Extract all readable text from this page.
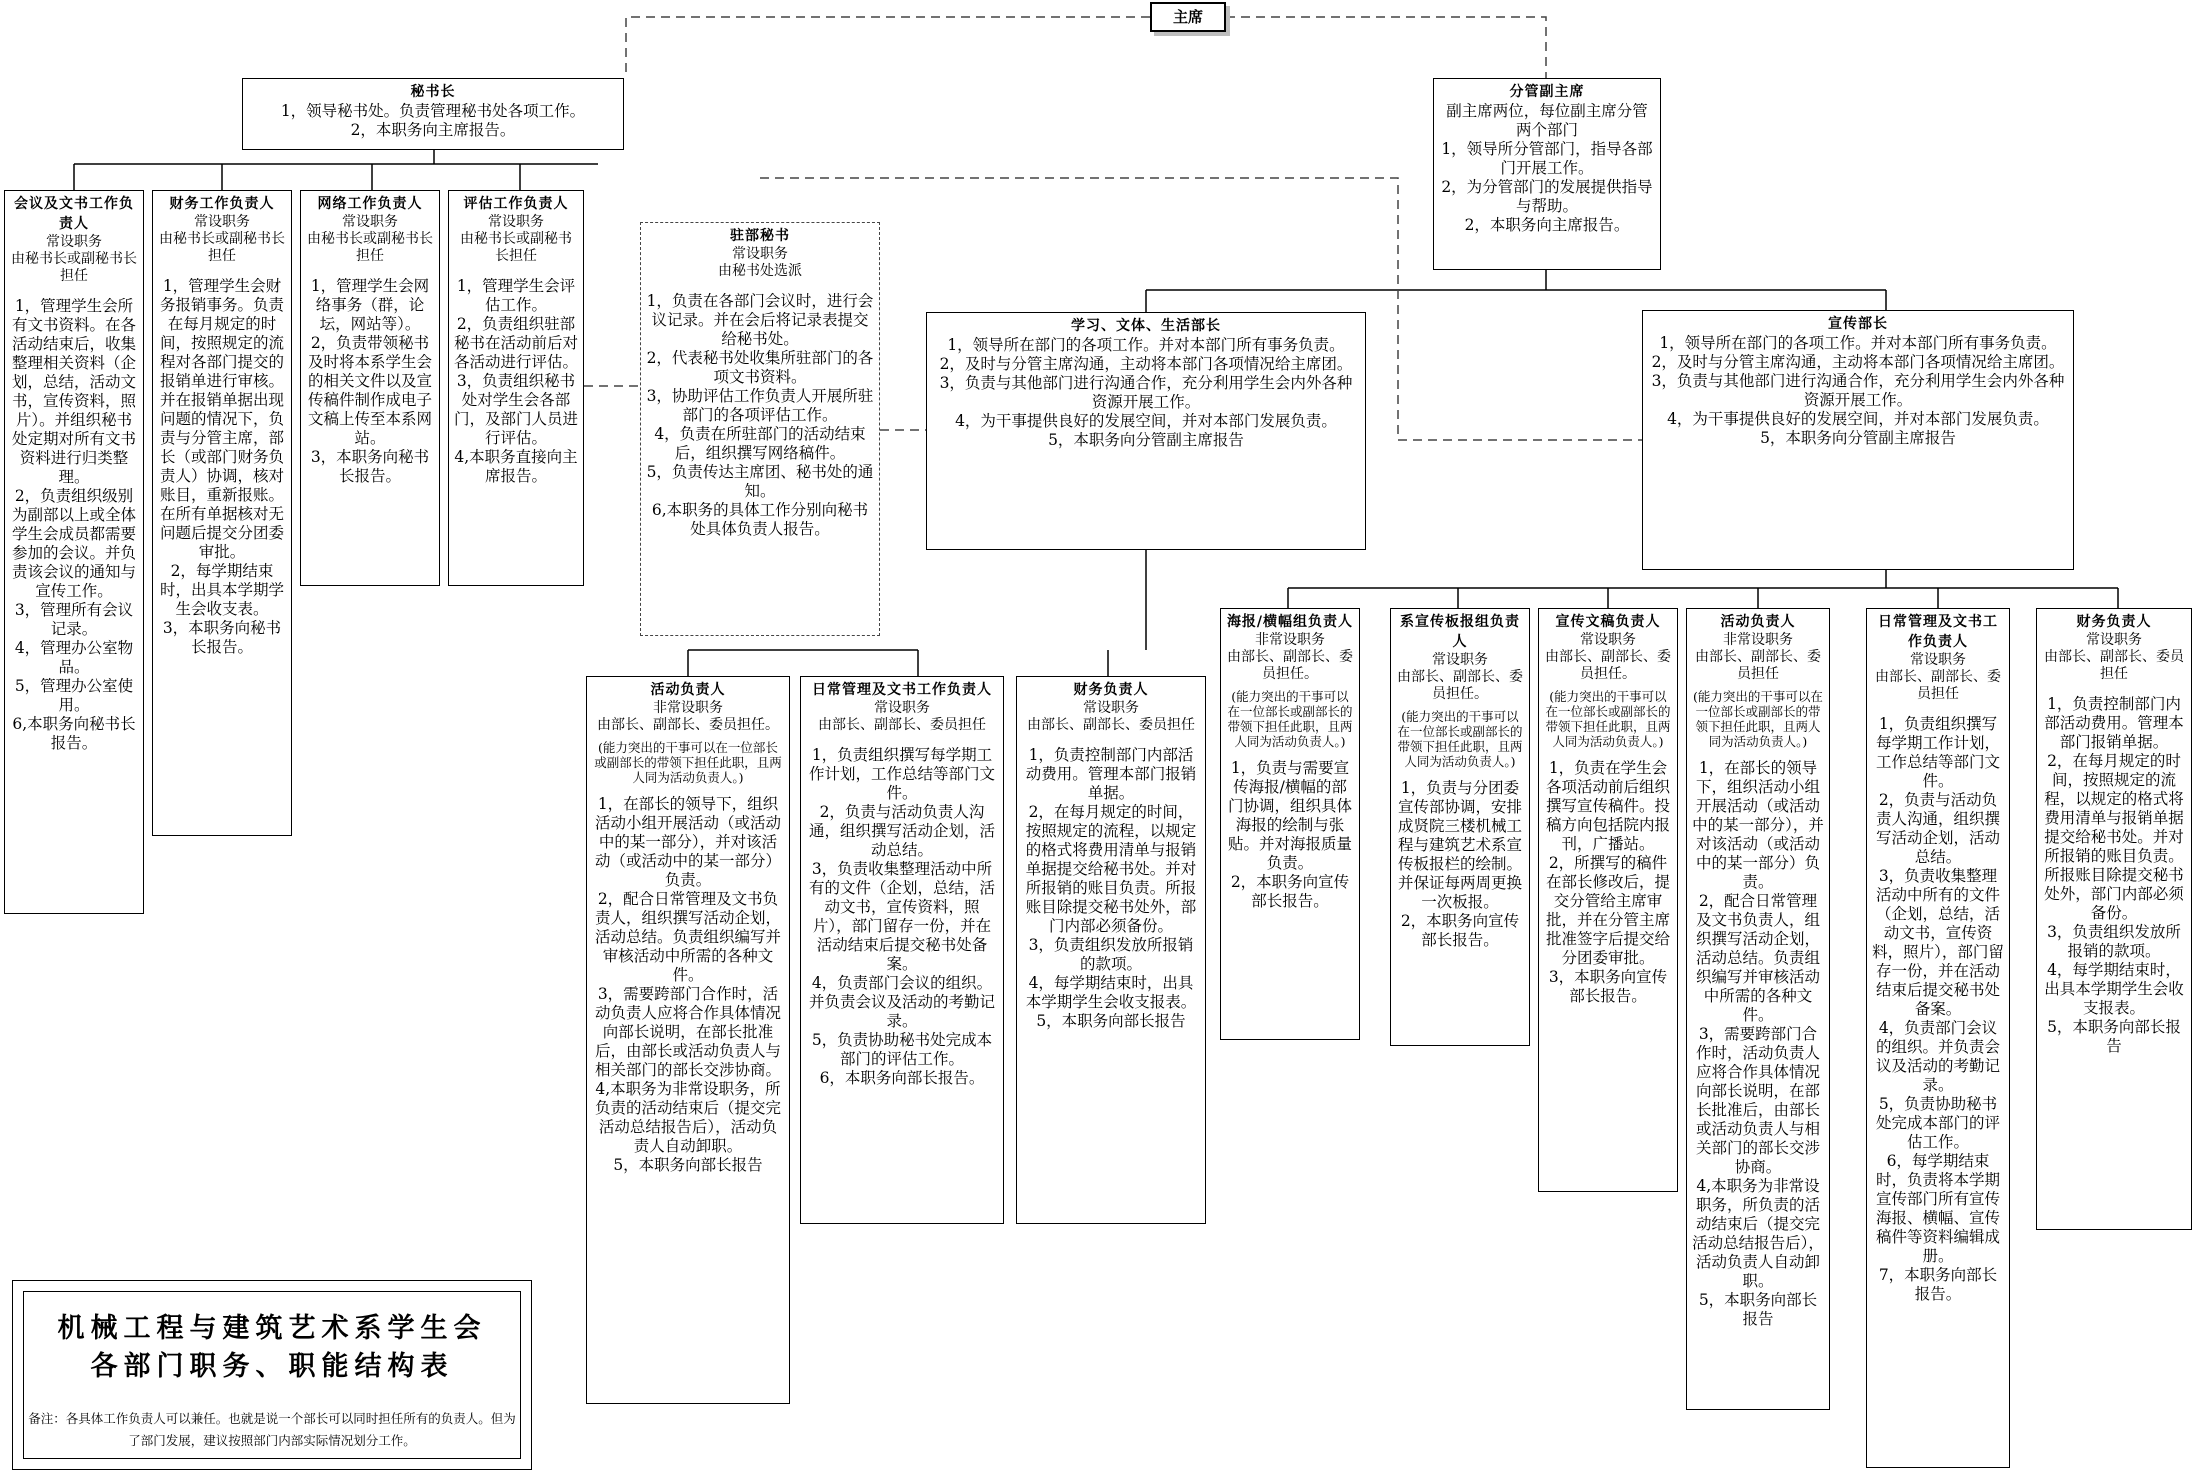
主席
秘书长
1，领导秘书处。负责管理秘书处各项工作。
2，本职务向主席报告。
分管副主席
副主席两位，每位副主席分管两个部门
1，领导所分管部门，指导各部门开展工作。
2，为分管部门的发展提供指导与帮助。
2，本职务向主席报告。
会议及文书工作负责人
常设职务
由秘书长或副秘书长担任
1，管理学生会所有文书资料。在各活动结束后，收集整理相关资料（企划，总结，活动文书，宣传资料，照片）。并组织秘书处定期对所有文书资料进行归类整理。
2，负责组织级别为副部以上或全体学生会成员都需要参加的会议。并负责该会议的通知与宣传工作。
3，管理所有会议记录。
4，管理办公室物品。
5，管理办公室使用。
6,本职务向秘书长报告。
财务工作负责人
常设职务
由秘书长或副秘书长担任
1，管理学生会财务报销事务。负责在每月规定的时间，按照规定的流程对各部门提交的报销单进行审核。并在报销单据出现问题的情况下，负责与分管主席，部长（或部门财务负责人）协调，核对账目，重新报账。在所有单据核对无问题后提交分团委审批。
2，每学期结束时，出具本学期学生会收支表。
3，本职务向秘书长报告。
网络工作负责人
常设职务
由秘书长或副秘书长担任
1，管理学生会网络事务（群，论坛，网站等）。
2，负责带领秘书及时将本系学生会的相关文件以及宣传稿件制作成电子文稿上传至本系网站。
3，本职务向秘书长报告。
评估工作负责人
常设职务
由秘书长或副秘书长担任
1，管理学生会评估工作。
2，负责组织驻部秘书在活动前后对各活动进行评估。
3，负责组织秘书处对学生会各部门，及部门人员进行评估。
4,本职务直接向主席报告。
驻部秘书
常设职务
由秘书处选派
1，负责在各部门会议时，进行会议记录。并在会后将记录表提交给秘书处。
2，代表秘书处收集所驻部门的各项文书资料。
3，协助评估工作负责人开展所驻部门的各项评估工作。
4，负责在所驻部门的活动结束后，组织撰写网络稿件。
5，负责传达主席团、秘书处的通知。
6,本职务的具体工作分别向秘书处具体负责人报告。
学习、文体、生活部长
1，领导所在部门的各项工作。并对本部门所有事务负责。
2，及时与分管主席沟通，主动将本部门各项情况给主席团。
3，负责与其他部门进行沟通合作，充分利用学生会内外各种资源开展工作。
4，为干事提供良好的发展空间，并对本部门发展负责。
5，本职务向分管副主席报告
宣传部长
1，领导所在部门的各项工作。并对本部门所有事务负责。
2，及时与分管主席沟通，主动将本部门各项情况给主席团。
3，负责与其他部门进行沟通合作，充分利用学生会内外各种资源开展工作。
4，为干事提供良好的发展空间，并对本部门发展负责。
5，本职务向分管副主席报告
活动负责人
非常设职务
由部长、副部长、委员担任。
(能力突出的干事可以在一位部长或副部长的带领下担任此职，且两人同为活动负责人。)
1，在部长的领导下，组织活动小组开展活动（或活动中的某一部分），并对该活动（或活动中的某一部分）负责。
2，配合日常管理及文书负责人，组织撰写活动企划，活动总结。负责组织编写并审核活动中所需的各种文件。
3，需要跨部门合作时，活动负责人应将合作具体情况向部长说明，在部长批准后，由部长或活动负责人与相关部门的部长交涉协商。
4,本职务为非常设职务，所负责的活动结束后（提交完活动总结报告后），活动负责人自动卸职。
5，本职务向部长报告
日常管理及文书工作负责人
常设职务
由部长、副部长、委员担任
1，负责组织撰写每学期工作计划，工作总结等部门文件。
2，负责与活动负责人沟通，组织撰写活动企划，活动总结。
3，负责收集整理活动中所有的文件（企划，总结，活动文书，宣传资料，照片），部门留存一份，并在活动结束后提交秘书处备案。
4，负责部门会议的组织。并负责会议及活动的考勤记录。
5，负责协助秘书处完成本部门的评估工作。
6，本职务向部长报告。
财务负责人
常设职务
由部长、副部长、委员担任
1，负责控制部门内部活动费用。管理本部门报销单据。
2，在每月规定的时间，按照规定的流程，以规定的格式将费用清单与报销单据提交给秘书处。并对所报销的账目负责。所报账目除提交秘书处外，部门内部必须备份。
3，负责组织发放所报销的款项。
4，每学期结束时，出具本学期学生会收支报表。
5，本职务向部长报告
海报/横幅组负责人
非常设职务
由部长、副部长、委员担任。
(能力突出的干事可以在一位部长或副部长的带领下担任此职，且两人同为活动负责人。)
1，负责与需要宣传海报/横幅的部门协调，组织具体海报的绘制与张贴。并对海报质量负责。
2，本职务向宣传部长报告。
系宣传板报组负责人
常设职务
由部长、副部长、委员担任。
(能力突出的干事可以在一位部长或副部长的带领下担任此职，且两人同为活动负责人。)
1，负责与分团委宣传部协调，安排成贤院三楼机械工程与建筑艺术系宣传板报栏的绘制。并保证每两周更换一次板报。
2，本职务向宣传部长报告。
宣传文稿负责人
常设职务
由部长、副部长、委员担任。
(能力突出的干事可以在一位部长或副部长的带领下担任此职，且两人同为活动负责人。)
1，负责在学生会各项活动前后组织撰写宣传稿件。投稿方向包括院内报刊，广播站。
2，所撰写的稿件在部长修改后，提交分管给主席审批，并在分管主席批准签字后提交给分团委审批。
3，本职务向宣传部长报告。
活动负责人
非常设职务
由部长、副部长、委员担任
(能力突出的干事可以在一位部长或副部长的带领下担任此职，且两人同为活动负责人。)
1，在部长的领导下，组织活动小组开展活动（或活动中的某一部分），并对该活动（或活动中的某一部分）负责。
2，配合日常管理及文书负责人，组织撰写活动企划，活动总结。负责组织编写并审核活动中所需的各种文件。
3，需要跨部门合作时，活动负责人应将合作具体情况向部长说明，在部长批准后，由部长或活动负责人与相关部门的部长交涉协商。
4,本职务为非常设职务，所负责的活动结束后（提交完活动总结报告后），活动负责人自动卸职。
5，本职务向部长报告
日常管理及文书工作负责人
常设职务
由部长、副部长、委员担任
1，负责组织撰写每学期工作计划，工作总结等部门文件。
2，负责与活动负责人沟通，组织撰写活动企划，活动总结。
3，负责收集整理活动中所有的文件（企划，总结，活动文书，宣传资料，照片），部门留存一份，并在活动结束后提交秘书处备案。
4，负责部门会议的组织。并负责会议及活动的考勤记录。
5，负责协助秘书处完成本部门的评估工作。
6，每学期结束时，负责将本学期宣传部门所有宣传海报、横幅、宣传稿件等资料编辑成册。
7，本职务向部长报告。
财务负责人
常设职务
由部长、副部长、委员担任
1，负责控制部门内部活动费用。管理本部门报销单据。
2，在每月规定的时间，按照规定的流程，以规定的格式将费用清单与报销单据提交给秘书处。并对所报销的账目负责。所报账目除提交秘书处外，部门内部必须备份。
3，负责组织发放所报销的款项。
4，每学期结束时，出具本学期学生会收支报表。
5，本职务向部长报告
机械工程与建筑艺术系学生会
各部门职务、职能结构表
备注：各具体工作负责人可以兼任。也就是说一个部长可以同时担任所有的负责人。但为了部门发展，建议按照部门内部实际情况划分工作。
